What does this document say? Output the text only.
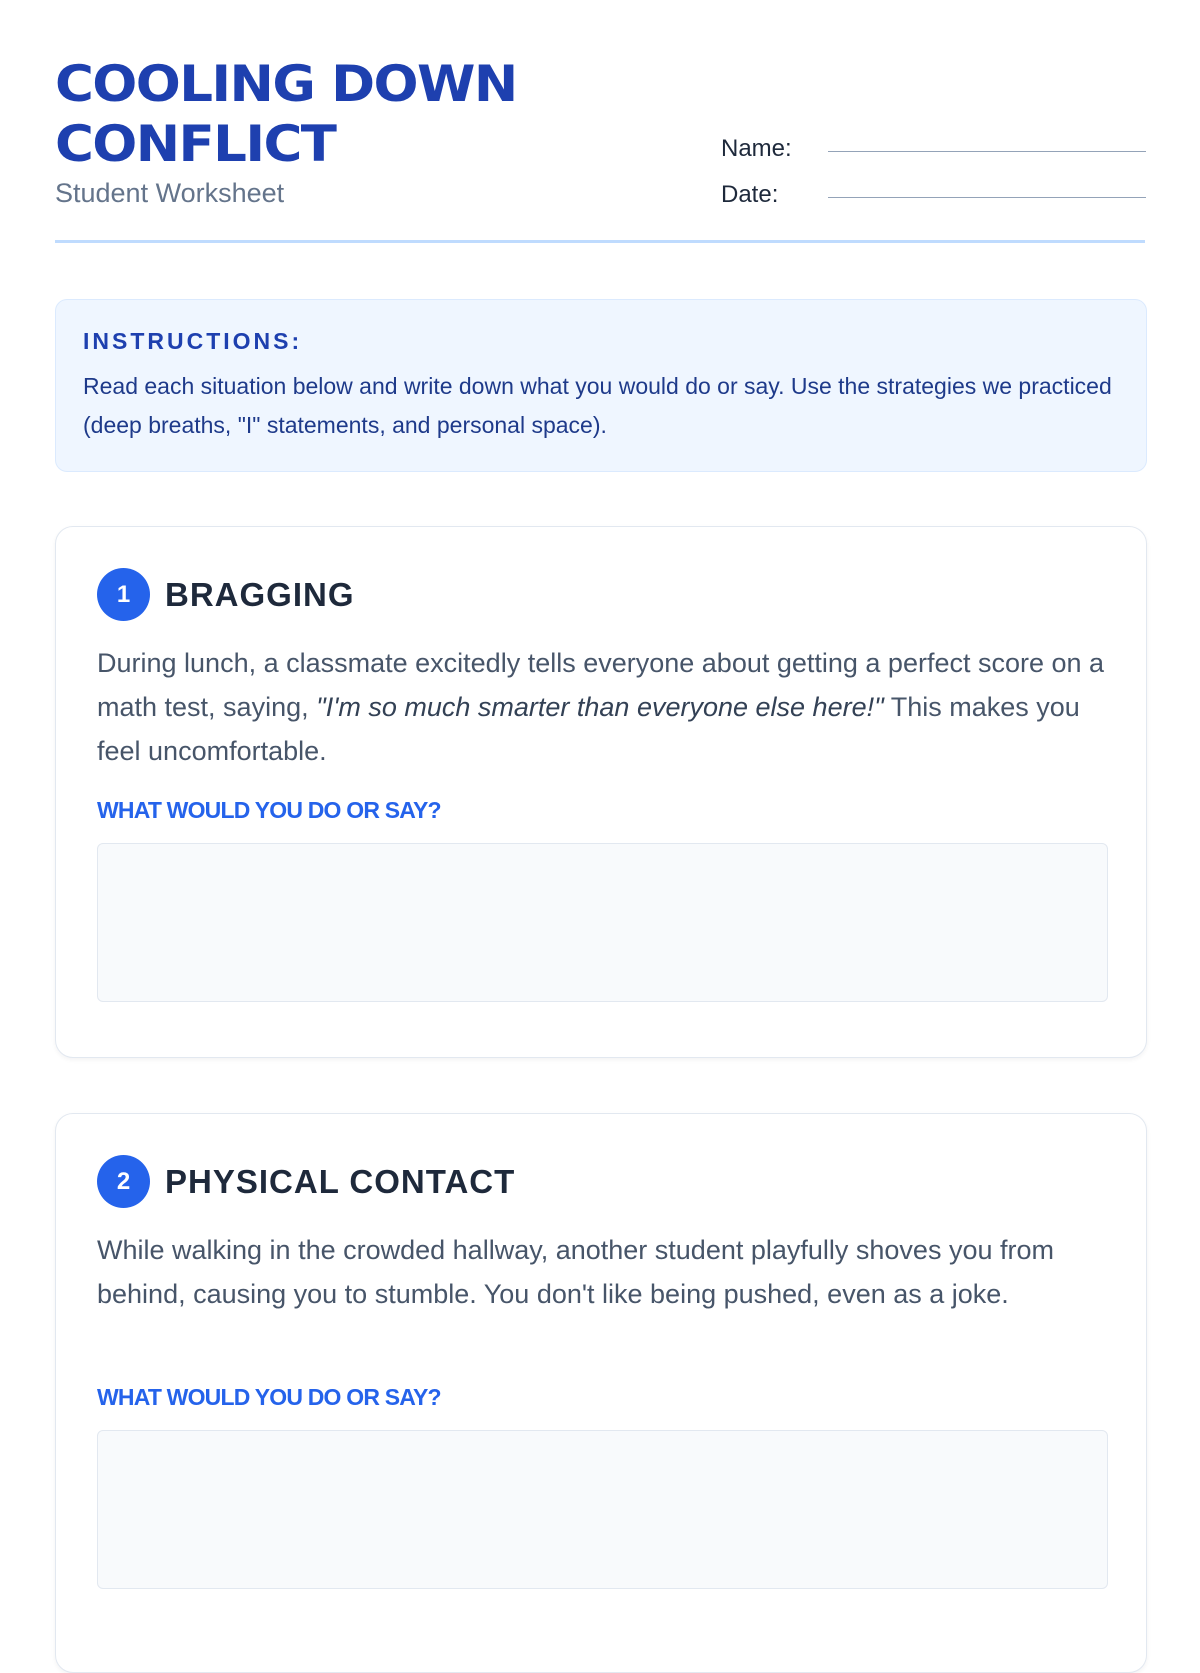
COOLING DOWN
CONFLICT
Student Worksheet
Name:
Date:
INSTRUCTIONS:
Read each situation below and write down what you would do or say. Use the strategies we practiced (deep breaths, "I" statements, and personal space).
1	BRAGGING

During lunch, a classmate excitedly tells everyone about getting a perfect score on a math test, saying, "I'm so much smarter than everyone else here!" This makes you feel uncomfortable.

WHAT WOULD YOU DO OR SAY?
2	PHYSICAL CONTACT

While walking in the crowded hallway, another student playfully shoves you from behind, causing you to stumble. You don't like being pushed, even as a joke.

WHAT WOULD YOU DO OR SAY?
